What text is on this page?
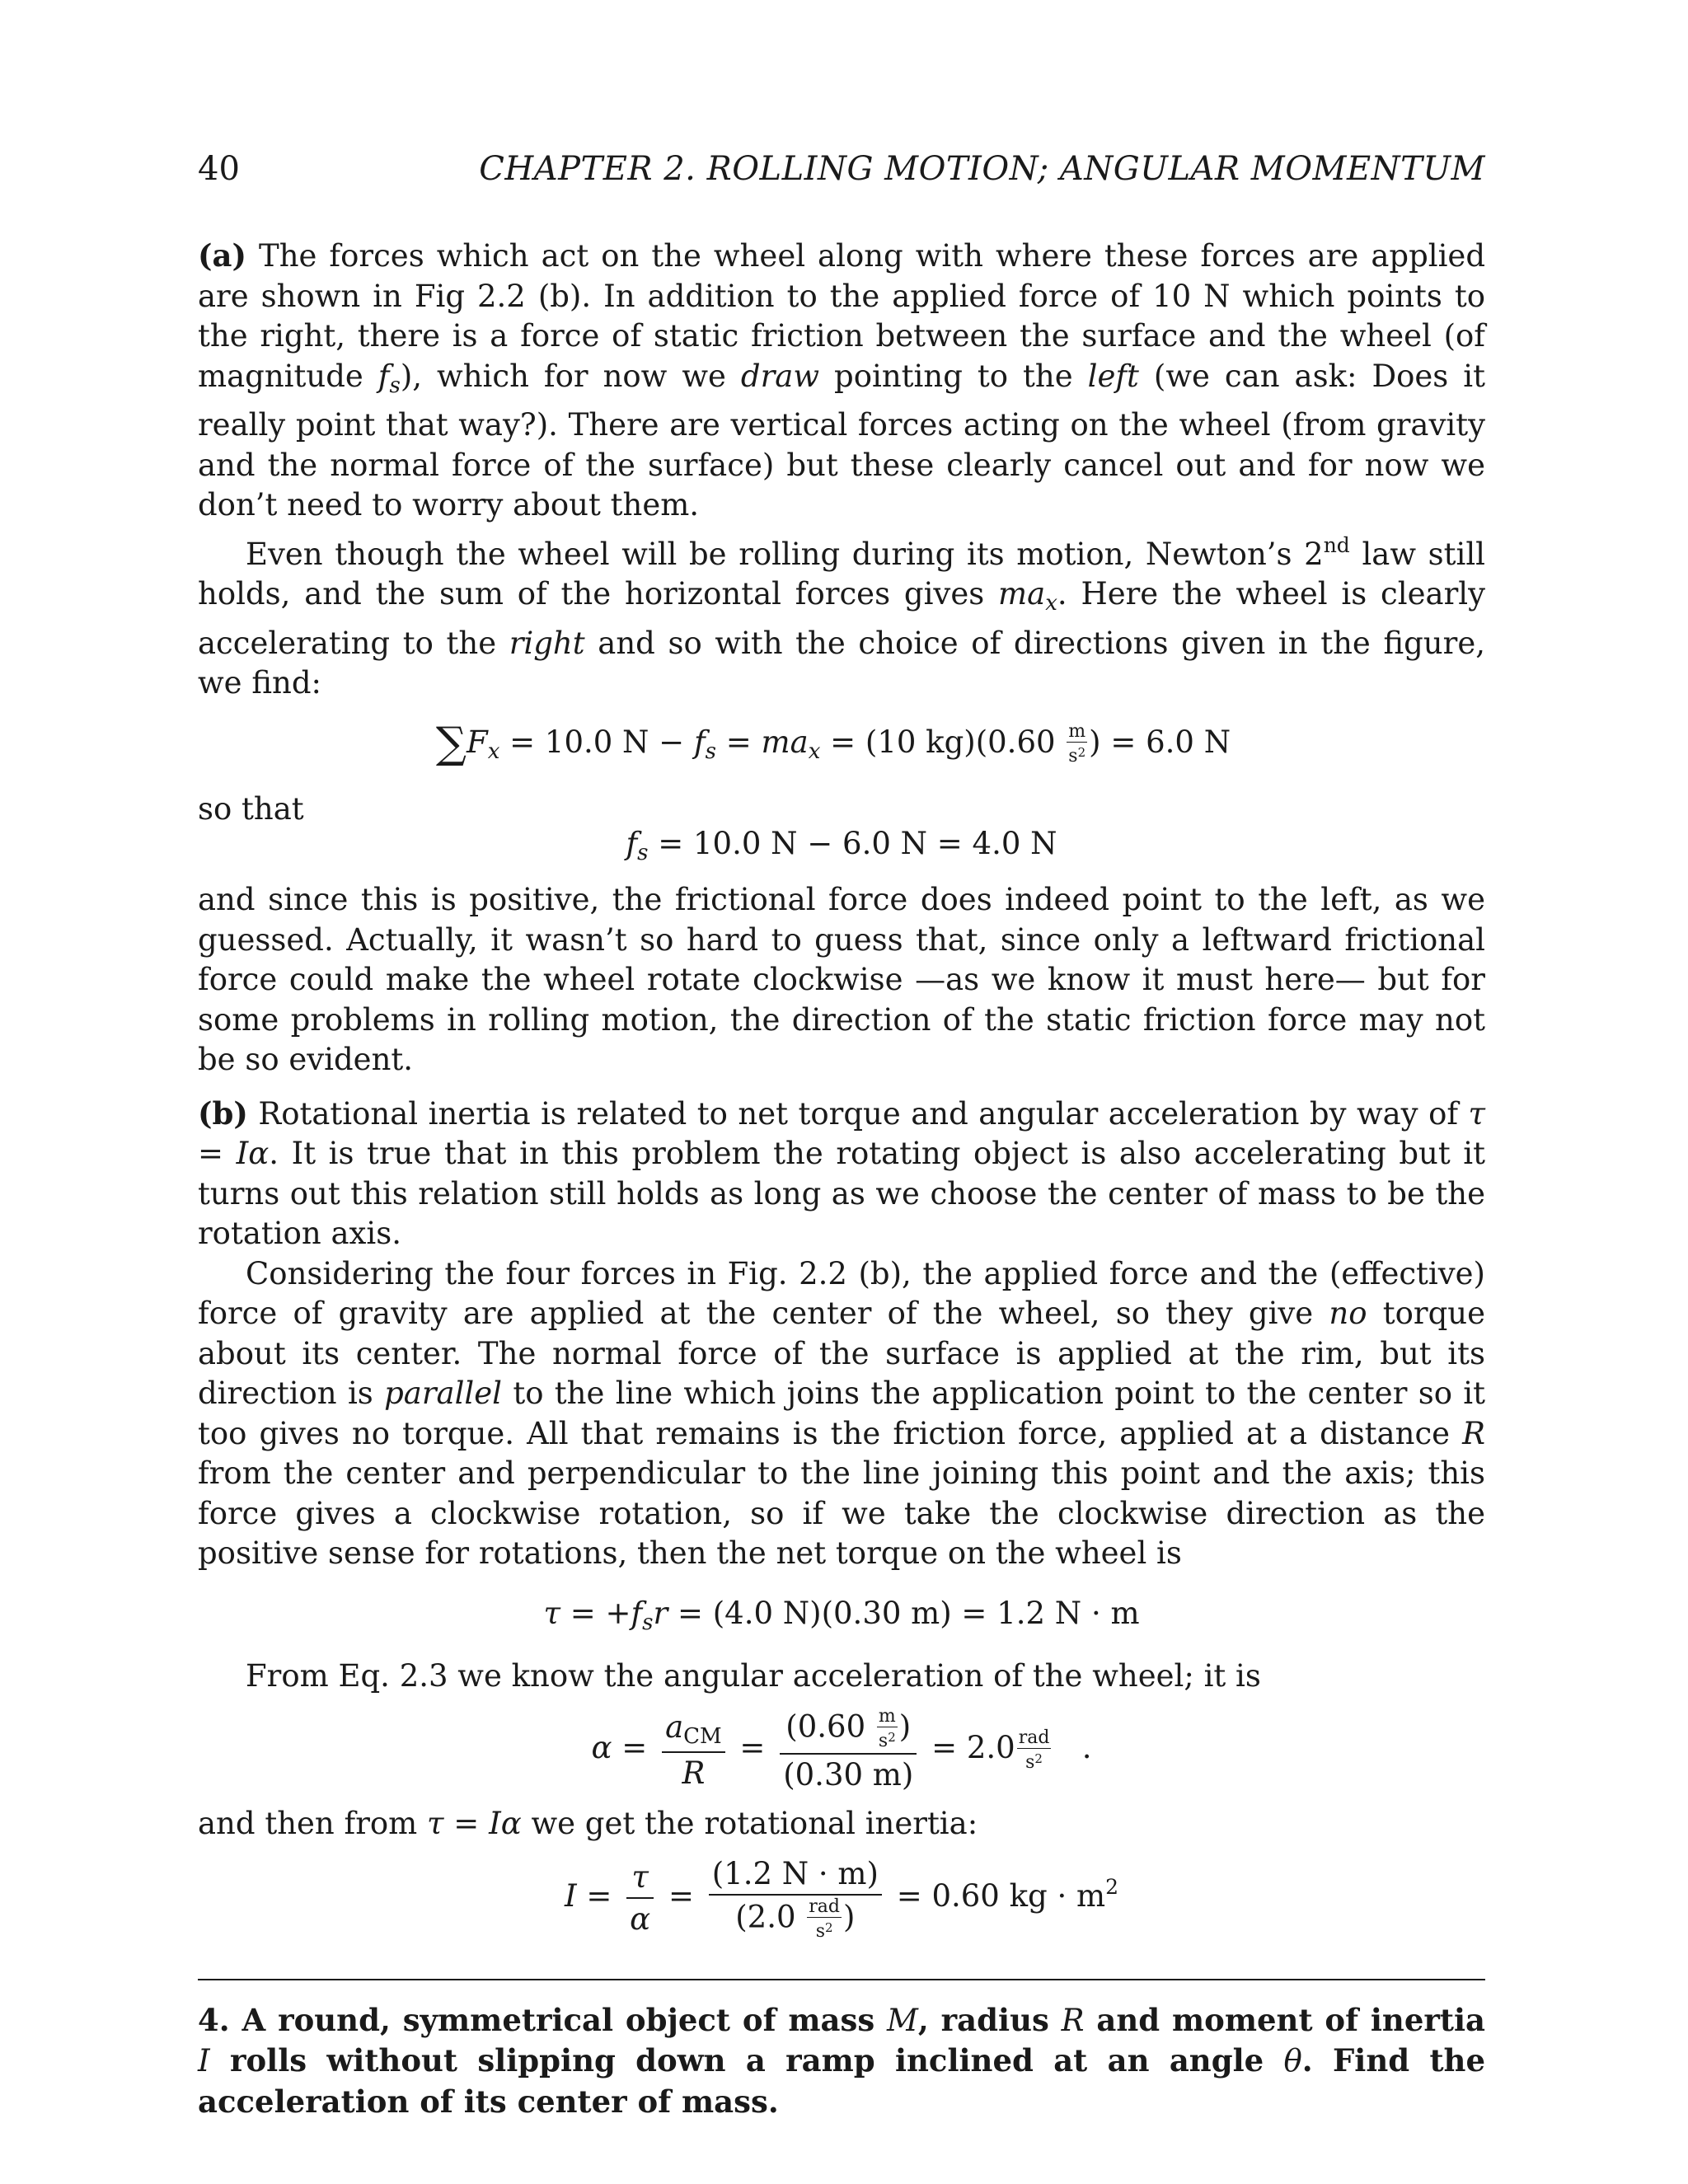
40	CHAPTER 2. ROLLING MOTION; ANGULAR MOMENTUM

(a) The forces which act on the wheel along with where these forces are applied are shown in Fig 2.2 (b). In addition to the applied force of 10 N which points to the right, there is a force of static friction between the surface and the wheel (of magnitude $f_s$), which for now we draw pointing to the left (we can ask: Does it really point that way?). There are vertical forces acting on the wheel (from gravity and the normal force of the surface) but these clearly cancel out and for now we don’t need to worry about them.

Even though the wheel will be rolling during its motion, Newton’s 2nd law still holds, and the sum of the horizontal forces gives $ma_x$. Here the wheel is clearly accelerating to the right and so with the choice of directions given in the figure, we find:

$\sum F_x = 10.0$ $N - f_s = ma_x = (10$ $kg)(0.60 \frac{m}{s^2}$ ) = 6.0 N

so that

$f_s = 10.0$ N − 6.0 N = 4.0 N

and since this is positive, the frictional force does indeed point to the left, as we guessed. Actually, it wasn’t so hard to guess that, since only a leftward frictional force could make the wheel rotate clockwise —as we know it must here— but for some problems in rolling motion, the direction of the static friction force may not be so evident.

(b) Rotational inertia is related to net torque and angular acceleration by way of τ = Iα. It is true that in this problem the rotating object is also accelerating but it turns out this relation still holds as long as we choose the center of mass to be the rotation axis.

Considering the four forces in Fig. 2.2 (b), the applied force and the (effective) force of gravity are applied at the center of the wheel, so they give no torque about its center. The normal force of the surface is applied at the rim, but its direction is parallel to the line which joins the application point to the center so it too gives no torque. All that remains is the friction force, applied at a distance R from the center and perpendicular to the line joining this point and the axis; this force gives a clockwise rotation, so if we take the clockwise direction as the positive sense for rotations, then the net torque on the wheel is

$\tau = +f_sr = (4.0$ N)(0.30 m) = 1.2 N · m

From Eq. 2.3 we know the angular acceleration of the wheel; it is

$\alpha = \frac{\text{aCM}}{R} = \frac{(0.60 \frac{m}{s^2} )}{(0.30 m)} = 2.0$ rad
$s^2$ .

and then from τ = Iα we get the rotational inertia:

$I = \frac{\tau}{\alpha} = (1.2$ N · m)
(2.0 rad
$s^2$ ) = 0.60 kg · $m^2$

4. A round, symmetrical object of mass M, radius R and moment of inertia I rolls without slipping down a ramp inclined at an angle θ. Find the acceleration of its center of mass.
